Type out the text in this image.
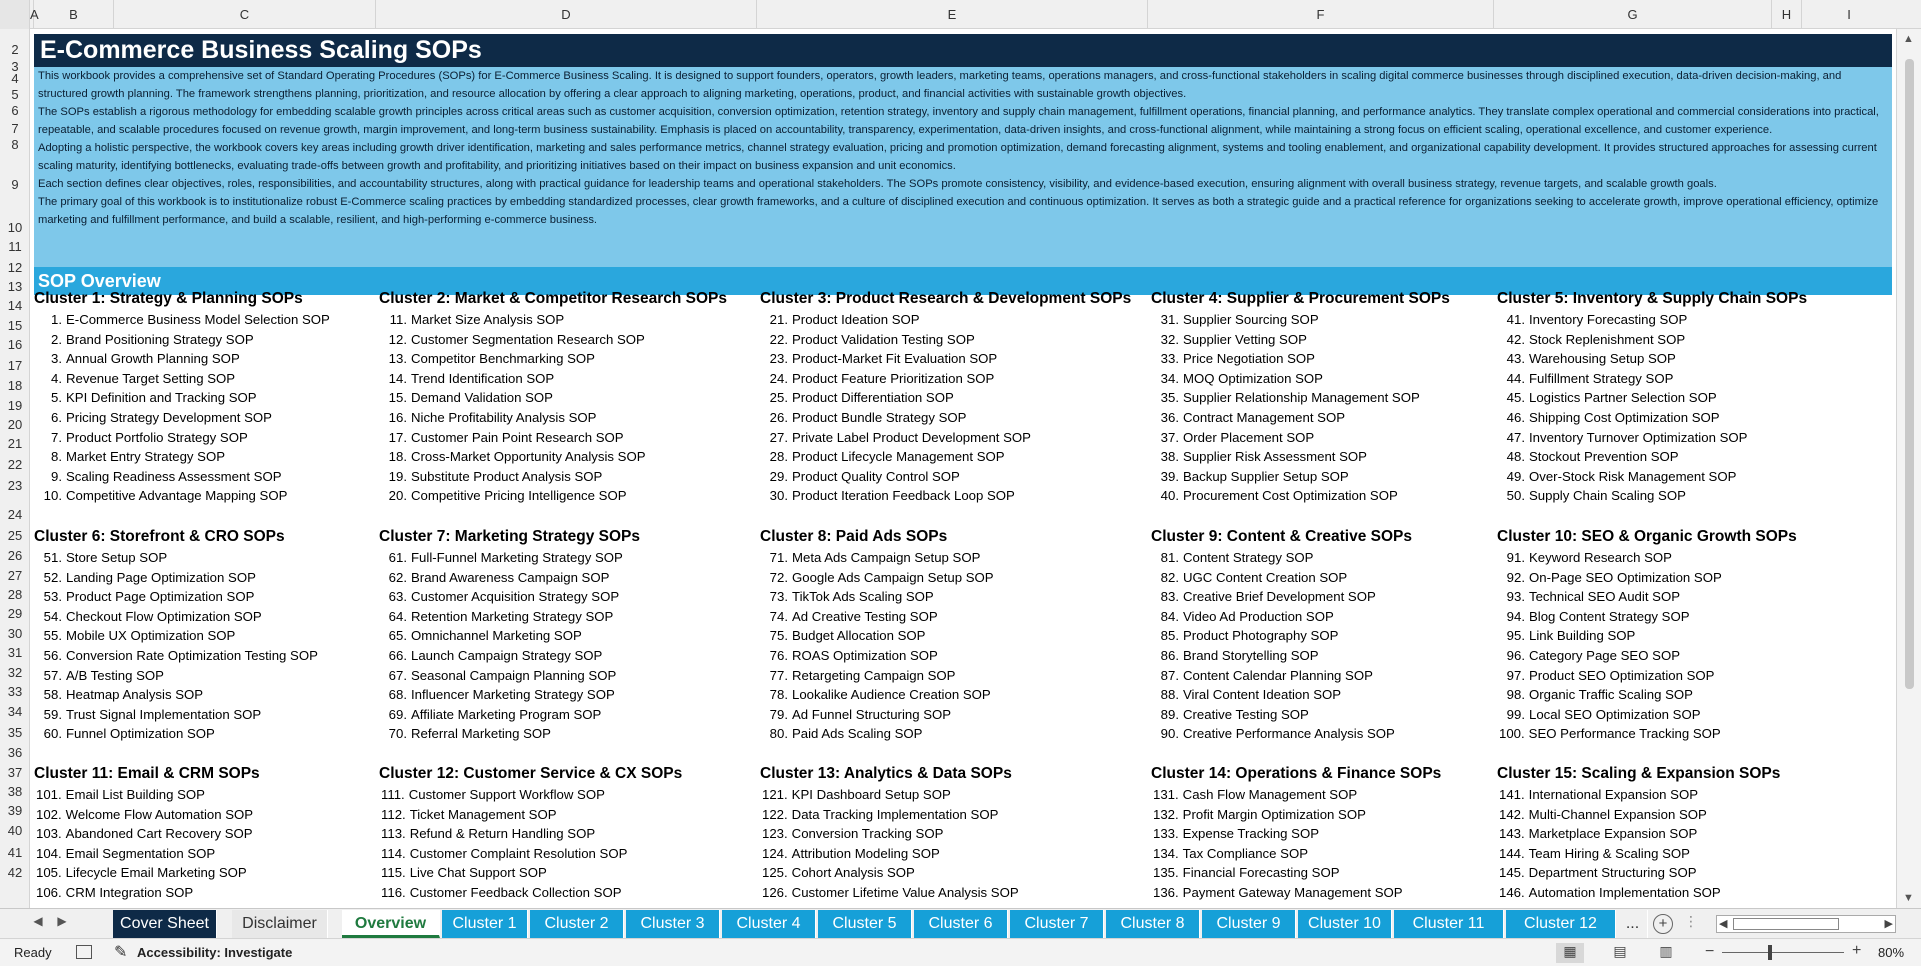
A	B	C	D	E	F	G	H	I
2
3
4
5
6
7
8
9
10
11
12
13
14
15
16
17
18
19
20
21
22
23
24
25
26
27
28
29
30
31
32
33
34
35
36
37
38
39
40
41
42
E-Commerce Business Scaling SOPs

This workbook provides a comprehensive set of Standard Operating Procedures (SOPs) for E-Commerce Business Scaling. It is designed to support founders, operators, growth leaders, marketing teams, operations managers, and cross-functional stakeholders in scaling digital commerce businesses through disciplined execution, data-driven decision-making, and structured growth planning. The framework strengthens planning, prioritization, and resource allocation by offering a clear approach to aligning marketing, operations, product, and financial activities with sustainable growth objectives.

The SOPs establish a rigorous methodology for embedding scalable growth principles across critical areas such as customer acquisition, conversion optimization, retention strategy, inventory and supply chain management, fulfillment operations, financial planning, and performance analytics. They translate complex operational and commercial considerations into practical, repeatable, and scalable procedures focused on revenue growth, margin improvement, and long-term business sustainability. Emphasis is placed on accountability, transparency, experimentation, data-driven insights, and cross-functional alignment, while maintaining a strong focus on efficient scaling, operational excellence, and customer experience.

Adopting a holistic perspective, the workbook covers key areas including growth driver identification, marketing and sales performance metrics, channel strategy evaluation, pricing and promotion optimization, demand forecasting alignment, systems and tooling enablement, and organizational capability development. It provides structured approaches for assessing current scaling maturity, identifying bottlenecks, evaluating trade-offs between growth and profitability, and prioritizing initiatives based on their impact on business expansion and unit economics.

Each section defines clear objectives, roles, responsibilities, and accountability structures, along with practical guidance for leadership teams and operational stakeholders. The SOPs promote consistency, visibility, and evidence-based execution, ensuring alignment with overall business strategy, revenue targets, and scalable growth goals.

The primary goal of this workbook is to institutionalize robust E-Commerce scaling practices by embedding standardized processes, clear growth frameworks, and a culture of disciplined execution and continuous optimization. It serves as both a strategic guide and a practical reference for organizations seeking to accelerate growth, improve operational efficiency, optimize marketing and fulfillment performance, and build a scalable, resilient, and high-performing e-commerce business.

SOP Overview
Cluster 1: Strategy & Planning SOPs
1. E-Commerce Business Model Selection SOP
2. Brand Positioning Strategy SOP
3. Annual Growth Planning SOP
4. Revenue Target Setting SOP
5. KPI Definition and Tracking SOP
6. Pricing Strategy Development SOP
7. Product Portfolio Strategy SOP
8. Market Entry Strategy SOP
9. Scaling Readiness Assessment SOP
10. Competitive Advantage Mapping SOP
Cluster 2: Market & Competitor Research SOPs
11. Market Size Analysis SOP
12. Customer Segmentation Research SOP
13. Competitor Benchmarking SOP
14. Trend Identification SOP
15. Demand Validation SOP
16. Niche Profitability Analysis SOP
17. Customer Pain Point Research SOP
18. Cross-Market Opportunity Analysis SOP
19. Substitute Product Analysis SOP
20. Competitive Pricing Intelligence SOP
Cluster 3: Product Research & Development SOPs
21. Product Ideation SOP
22. Product Validation Testing SOP
23. Product-Market Fit Evaluation SOP
24. Product Feature Prioritization SOP
25. Product Differentiation SOP
26. Product Bundle Strategy SOP
27. Private Label Product Development SOP
28. Product Lifecycle Management SOP
29. Product Quality Control SOP
30. Product Iteration Feedback Loop SOP
Cluster 4: Supplier & Procurement SOPs
31. Supplier Sourcing SOP
32. Supplier Vetting SOP
33. Price Negotiation SOP
34. MOQ Optimization SOP
35. Supplier Relationship Management SOP
36. Contract Management SOP
37. Order Placement SOP
38. Supplier Risk Assessment SOP
39. Backup Supplier Setup SOP
40. Procurement Cost Optimization SOP
Cluster 5: Inventory & Supply Chain SOPs
41. Inventory Forecasting SOP
42. Stock Replenishment SOP
43. Warehousing Setup SOP
44. Fulfillment Strategy SOP
45. Logistics Partner Selection SOP
46. Shipping Cost Optimization SOP
47. Inventory Turnover Optimization SOP
48. Stockout Prevention SOP
49. Over-Stock Risk Management SOP
50. Supply Chain Scaling SOP
Cluster 6: Storefront & CRO SOPs
51. Store Setup SOP
52. Landing Page Optimization SOP
53. Product Page Optimization SOP
54. Checkout Flow Optimization SOP
55. Mobile UX Optimization SOP
56. Conversion Rate Optimization Testing SOP
57. A/B Testing SOP
58. Heatmap Analysis SOP
59. Trust Signal Implementation SOP
60. Funnel Optimization SOP
Cluster 7: Marketing Strategy SOPs
61. Full-Funnel Marketing Strategy SOP
62. Brand Awareness Campaign SOP
63. Customer Acquisition Strategy SOP
64. Retention Marketing Strategy SOP
65. Omnichannel Marketing SOP
66. Launch Campaign Strategy SOP
67. Seasonal Campaign Planning SOP
68. Influencer Marketing Strategy SOP
69. Affiliate Marketing Program SOP
70. Referral Marketing SOP
Cluster 8: Paid Ads SOPs
71. Meta Ads Campaign Setup SOP
72. Google Ads Campaign Setup SOP
73. TikTok Ads Scaling SOP
74. Ad Creative Testing SOP
75. Budget Allocation SOP
76. ROAS Optimization SOP
77. Retargeting Campaign SOP
78. Lookalike Audience Creation SOP
79. Ad Funnel Structuring SOP
80. Paid Ads Scaling SOP
Cluster 9: Content & Creative SOPs
81. Content Strategy SOP
82. UGC Content Creation SOP
83. Creative Brief Development SOP
84. Video Ad Production SOP
85. Product Photography SOP
86. Brand Storytelling SOP
87. Content Calendar Planning SOP
88. Viral Content Ideation SOP
89. Creative Testing SOP
90. Creative Performance Analysis SOP
Cluster 10: SEO & Organic Growth SOPs
91. Keyword Research SOP
92. On-Page SEO Optimization SOP
93. Technical SEO Audit SOP
94. Blog Content Strategy SOP
95. Link Building SOP
96. Category Page SEO SOP
97. Product SEO Optimization SOP
98. Organic Traffic Scaling SOP
99. Local SEO Optimization SOP
100. SEO Performance Tracking SOP
Cluster 11: Email & CRM SOPs
101. Email List Building SOP
102. Welcome Flow Automation SOP
103. Abandoned Cart Recovery SOP
104. Email Segmentation SOP
105. Lifecycle Email Marketing SOP
106. CRM Integration SOP
Cluster 12: Customer Service & CX SOPs
111. Customer Support Workflow SOP
112. Ticket Management SOP
113. Refund & Return Handling SOP
114. Customer Complaint Resolution SOP
115. Live Chat Support SOP
116. Customer Feedback Collection SOP
Cluster 13: Analytics & Data SOPs
121. KPI Dashboard Setup SOP
122. Data Tracking Implementation SOP
123. Conversion Tracking SOP
124. Attribution Modeling SOP
125. Cohort Analysis SOP
126. Customer Lifetime Value Analysis SOP
Cluster 14: Operations & Finance SOPs
131. Cash Flow Management SOP
132. Profit Margin Optimization SOP
133. Expense Tracking SOP
134. Tax Compliance SOP
135. Financial Forecasting SOP
136. Payment Gateway Management SOP
Cluster 15: Scaling & Expansion SOPs
141. International Expansion SOP
142. Multi-Channel Expansion SOP
143. Marketplace Expansion SOP
144. Team Hiring & Scaling SOP
145. Department Structuring SOP
146. Automation Implementation SOP
▲
▼
◀	▶	Cover Sheet	Disclaimer	Overview	Cluster 1	Cluster 2	Cluster 3	Cluster 4	Cluster 5	Cluster 6	Cluster 7	Cluster 8	Cluster 9	Cluster 10	Cluster 11	Cluster 12	...	+	⋮ ◀	▶
Ready	✎ Accessibility: Investigate	▦	▤	▥	−	+ 80%
